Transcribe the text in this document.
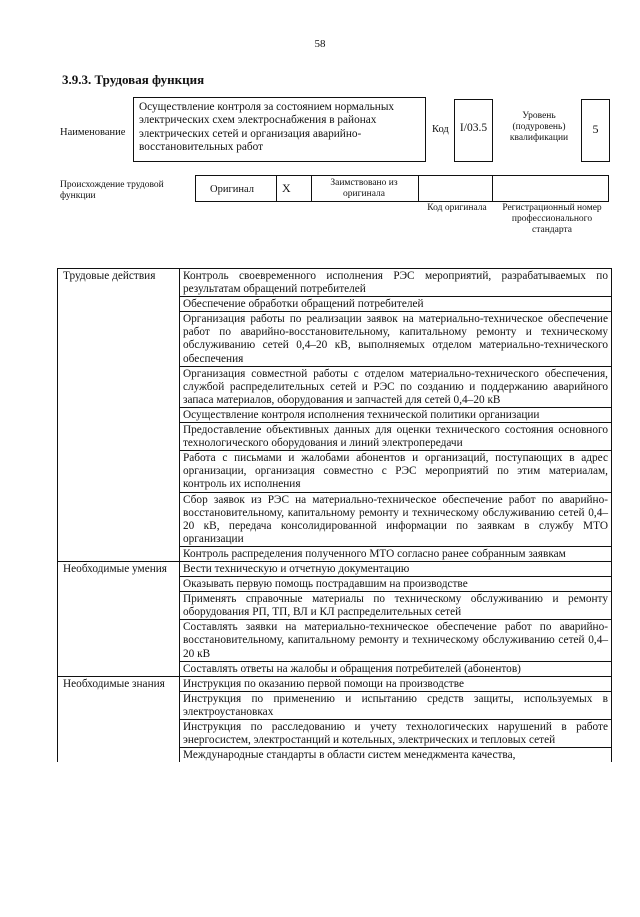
58
3.9.3. Трудовая функция
Наименование
Осуществление контроля за состоянием нормальных электрических схем электроснабжения в районах электрических сетей и организация аварийно-восстановительных работ
Код I/03.5
Уровень (подуровень) квалификации
5
Происхождение трудовой функции
Оригинал X	Заимствовано из оригинала
Код оригинала Регистрационный номер профессионального стандарта
Трудовые действия	Контроль своевременного исполнения РЭС мероприятий, разрабатываемых по результатам обращений потребителей
	Обеспечение обработки обращений потребителей
	Организация работы по реализации заявок на материально-техническое обеспечение работ по аварийно-восстановительному, капитальному ремонту и техническому обслуживанию сетей 0,4–20 кВ, выполняемых отделом материально-технического обеспечения
	Организация совместной работы с отделом материально-технического обеспечения, службой распределительных сетей и РЭС по созданию и поддержанию аварийного запаса материалов, оборудования и запчастей для сетей 0,4–20 кВ
	Осуществление контроля исполнения технической политики организации
	Предоставление объективных данных для оценки технического состояния основного технологического оборудования и линий электропередачи
	Работа с письмами и жалобами абонентов и организаций, поступающих в адрес организации, организация совместно с РЭС мероприятий по этим материалам, контроль их исполнения
	Сбор заявок из РЭС на материально-техническое обеспечение работ по аварийно-восстановительному, капитальному ремонту и техническому обслуживанию сетей 0,4–20 кВ, передача консолидированной информации по заявкам в службу МТО организации
	Контроль распределения полученного МТО согласно ранее собранным заявкам
Необходимые умения	Вести техническую и отчетную документацию
	Оказывать первую помощь пострадавшим на производстве
	Применять справочные материалы по техническому обслуживанию и ремонту оборудования РП, ТП, ВЛ и КЛ распределительных сетей
	Составлять заявки на материально-техническое обеспечение работ по аварийно-восстановительному, капитальному ремонту и техническому обслуживанию сетей 0,4–20 кВ
	Составлять ответы на жалобы и обращения потребителей (абонентов)
Необходимые знания	Инструкция по оказанию первой помощи на производстве
	Инструкция по применению и испытанию средств защиты, используемых в электроустановках
	Инструкция по расследованию и учету технологических нарушений в работе энергосистем, электростанций и котельных, электрических и тепловых сетей
	Международные стандарты в области систем менеджмента качества,
